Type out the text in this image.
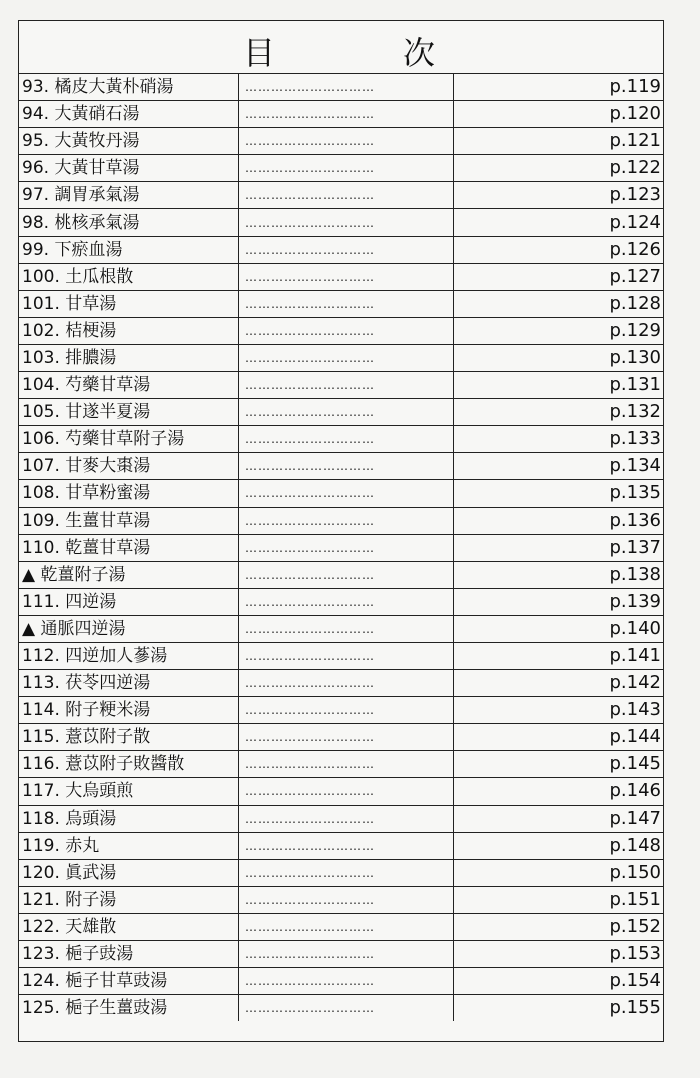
目	次
93. 橘皮大黃朴硝湯	…………………………	p.119
94. 大黃硝石湯	…………………………	p.120
95. 大黃牧丹湯	…………………………	p.121
96. 大黃甘草湯	…………………………	p.122
97. 調胃承氣湯	…………………………	p.123
98. 桃核承氣湯	…………………………	p.124
99. 下瘀血湯	…………………………	p.126
100. 土瓜根散	…………………………	p.127
101. 甘草湯	…………………………	p.128
102. 桔梗湯	…………………………	p.129
103. 排膿湯	…………………………	p.130
104. 芍藥甘草湯	…………………………	p.131
105. 甘遂半夏湯	…………………………	p.132
106. 芍藥甘草附子湯	…………………………	p.133
107. 甘麥大棗湯	…………………………	p.134
108. 甘草粉蜜湯	…………………………	p.135
109. 生薑甘草湯	…………………………	p.136
110. 乾薑甘草湯	…………………………	p.137
▲ 乾薑附子湯	…………………………	p.138
111. 四逆湯	…………………………	p.139
▲ 通脈四逆湯	…………………………	p.140
112. 四逆加人蔘湯	…………………………	p.141
113. 茯苓四逆湯	…………………………	p.142
114. 附子粳米湯	…………………………	p.143
115. 薏苡附子散	…………………………	p.144
116. 薏苡附子敗醬散	…………………………	p.145
117. 大烏頭煎	…………………………	p.146
118. 烏頭湯	…………………………	p.147
119. 赤丸	…………………………	p.148
120. 眞武湯	…………………………	p.150
121. 附子湯	…………………………	p.151
122. 天雄散	…………………………	p.152
123. 梔子豉湯	…………………………	p.153
124. 梔子甘草豉湯	…………………………	p.154
125. 梔子生薑豉湯	…………………………	p.155
